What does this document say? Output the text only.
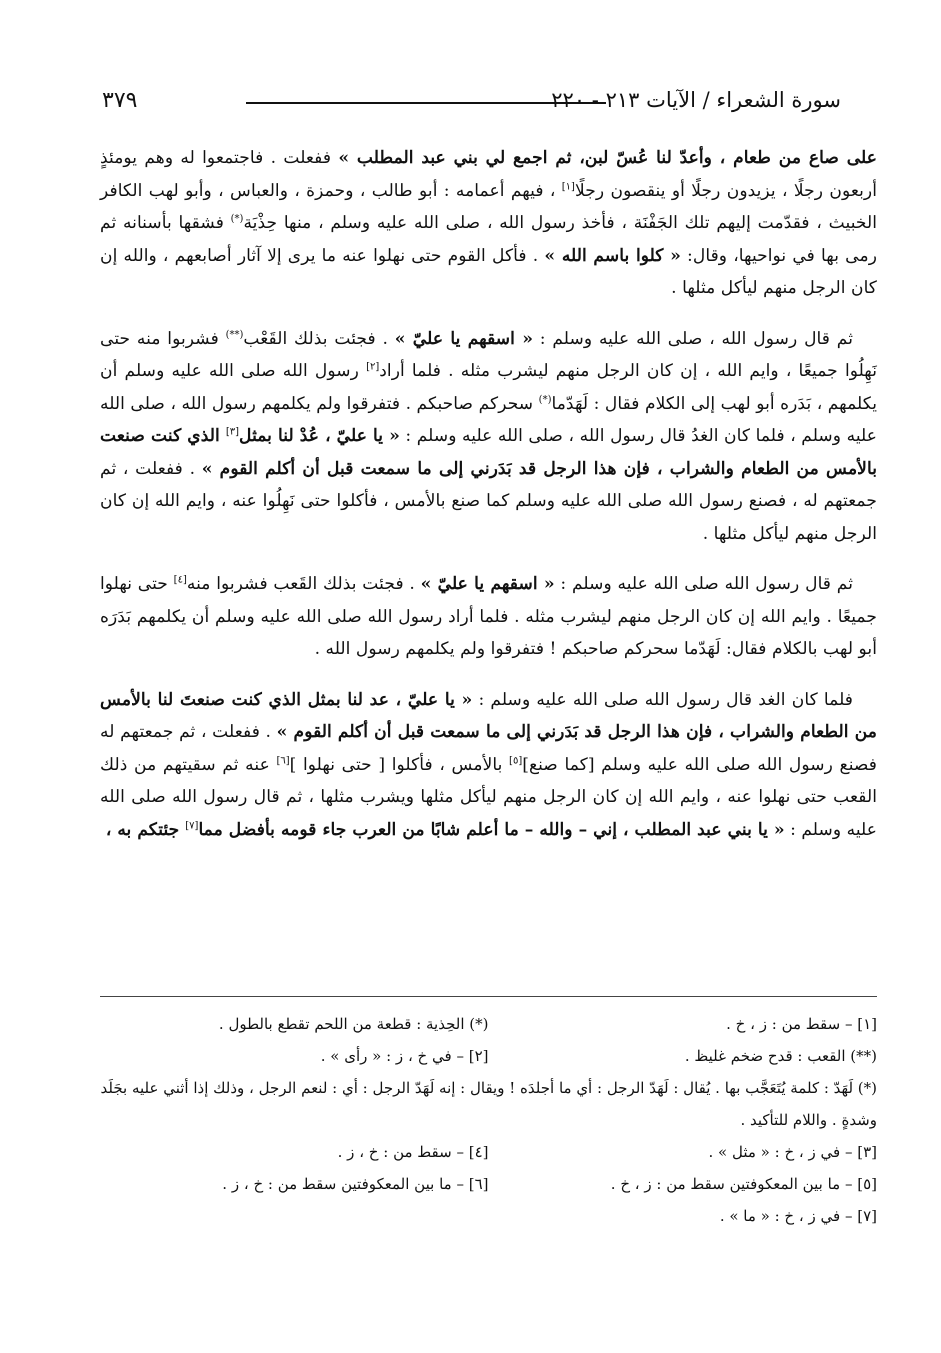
٣٧٩	سورة الشعراء / الآيات ٢١٣ - ٢٢٠

على صاع من طعام ، وأعدّ لنا عُسّ لبن، ثم اجمع لي بني عبد المطلب » ففعلت . فاجتمعوا له وهم يومئذٍ أربعون رجلًا ، يزيدون رجلًا أو ينقصون رجلًا[١] ، فيهم أعمامه : أبو طالب ، وحمزة ، والعباس ، وأبو لهب الكافر الخبيث ، فقدّمت إليهم تلك الجَفْنَة ، فأخذ رسول الله ، صلى الله عليه وسلم ، منها حِذْيَة(*) فشقها بأسنانه ثم رمى بها في نواحيها، وقال: « كلوا باسم الله » . فأكل القوم حتى نهلوا عنه ما يرى إلا آثار أصابعهم ، والله إن كان الرجل منهم ليأكل مثلها .

ثم قال رسول الله ، صلى الله عليه وسلم : « اسقهم يا عليّ » . فجئت بذلك القَعْب(**) فشربوا منه حتى نَهِلُوا جميعًا ، وايم الله ، إن كان الرجل منهم ليشرب مثله . فلما أراد[٢] رسول الله صلى الله عليه وسلم أن يكلمهم ، بَدَره أبو لهب إلى الكلام فقال : لَهَدّما(*) سحركم صاحبكم . فتفرقوا ولم يكلمهم رسول الله ، صلى الله عليه وسلم ، فلما كان الغدُ قال رسول الله ، صلى الله عليه وسلم : « يا عليّ ، عُدْ لنا بمثل[٣] الذي كنت صنعت بالأمس من الطعام والشراب ، فإن هذا الرجل قد بَدَرني إلى ما سمعت قبل أن أكلم القوم » . ففعلت ، ثم جمعتهم له ، فصنع رسول الله صلى الله عليه وسلم كما صنع بالأمس ، فأكلوا حتى نَهِلُوا عنه ، وايم الله إن كان الرجل منهم ليأكل مثلها .

ثم قال رسول الله صلى الله عليه وسلم : « اسقهم يا عليّ » . فجئت بذلك القَعب فشربوا منه[٤] حتى نهلوا جميعًا . وايم الله إن كان الرجل منهم ليشرب مثله . فلما أراد رسول الله صلى الله عليه وسلم أن يكلمهم بَدَرَه أبو لهب بالكلام فقال: لَهَدّما سحركم صاحبكم ! فتفرقوا ولم يكلمهم رسول الله .

فلما كان الغد قال رسول الله صلى الله عليه وسلم : « يا عليّ ، عد لنا بمثل الذي كنت صنعتَ لنا بالأمس من الطعام والشراب ، فإن هذا الرجل قد بَدَرني إلى ما سمعت قبل أن أكلم القوم » . ففعلت ، ثم جمعتهم له فصنع رسول الله صلى الله عليه وسلم [كما صنع][٥] بالأمس ، فأكلوا [ حتى نهلوا ][٦] عنه ثم سقيتهم من ذلك القعب حتى نهلوا عنه ، وايم الله إن كان الرجل منهم ليأكل مثلها ويشرب مثلها ، ثم قال رسول الله صلى الله عليه وسلم : « يا بني عبد المطلب ، إني – والله – ما أعلم شابًا من العرب جاء قومه بأفضل مما[٧] جئتكم به ،

[١] – سقط من : ز ، خ .
(*) الحِذية : قطعة من اللحم تقطع بالطول .
(**) القعب : قدح ضخم غليظ .
[٢] – في خ ، ز : « رأى » .
(*) لَهَدّ : كلمة يُتَعَجَّب بها . يُقال : لَهَدّ الرجل : أي ما أجلدَه ! ويقال : إنه لَهَدّ الرجل : أي : لنعم الرجل ، وذلك إذا أثني عليه بجَلَد وشدةٍ . واللام للتأكيد .
[٣] – في ز ، خ : « مثل » .
[٤] – سقط من : خ ، ز .
[٥] – ما بين المعكوفتين سقط من : ز ، خ .
[٦] – ما بين المعكوفتين سقط من : خ ، ز .
[٧] – في ز ، خ : « ما » .
